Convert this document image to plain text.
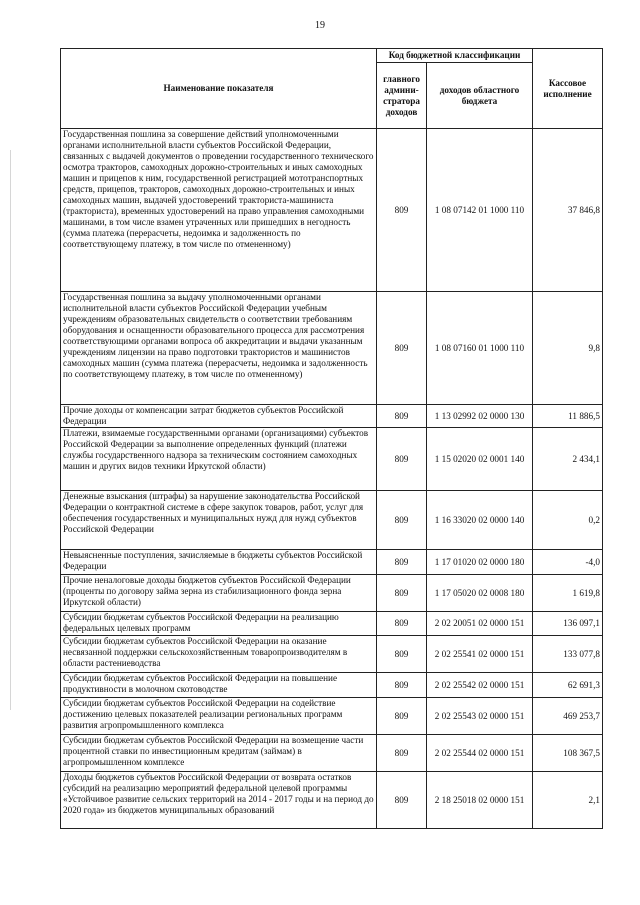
19
Наименование показателя	Код бюджетной классификации		Кассовое исполнение
	главного админи-стратора доходов	доходов областного бюджета	
Государственная пошлина за совершение действий уполномоченными органами исполнительной власти субъектов Российской Федерации, связанных с выдачей документов о проведении государственного технического осмотра тракторов, самоходных дорожно-строительных и иных самоходных машин и прицепов к ним, государственной регистрацией мототранспортных средств, прицепов, тракторов, самоходных дорожно-строительных и иных самоходных машин, выдачей удостоверений тракториста-машиниста (тракториста), временных удостоверений на право управления самоходными машинами, в том числе взамен утраченных или пришедших в негодность (сумма платежа (перерасчеты, недоимка и задолженность по соответствующему платежу, в том числе по отмененному)	809	1 08 07142 01 1000 110	37 846,8
Государственная пошлина за выдачу уполномоченными органами исполнительной власти субъектов Российской Федерации учебным учреждениям образовательных свидетельств о соответствии требованиям оборудования и оснащенности образовательного процесса для рассмотрения соответствующими органами вопроса об аккредитации и выдачи указанным учреждениям лицензии на право подготовки трактористов и машинистов самоходных машин (сумма платежа (перерасчеты, недоимка и задолженность по соответствующему платежу, в том числе по отмененному)	809	1 08 07160 01 1000 110	9,8
Прочие доходы от компенсации затрат бюджетов субъектов Российской Федерации	809	1 13 02992 02 0000 130	11 886,5
Платежи, взимаемые государственными органами (организациями) субъектов Российской Федерации за выполнение определенных функций (платежи службы государственного надзора за техническим состоянием самоходных машин и других видов техники Иркутской области)	809	1 15 02020 02 0001 140	2 434,1
Денежные взыскания (штрафы) за нарушение законодательства Российской Федерации о контрактной системе в сфере закупок товаров, работ, услуг для обеспечения государственных и муниципальных нужд для нужд субъектов Российской Федерации	809	1 16 33020 02 0000 140	0,2
Невыясненные поступления, зачисляемые в бюджеты субъектов Российской Федерации	809	1 17 01020 02 0000 180	-4,0
Прочие неналоговые доходы бюджетов субъектов Российской Федерации (проценты по договору займа зерна из стабилизационного фонда зерна Иркутской области)	809	1 17 05020 02 0008 180	1 619,8
Субсидии бюджетам субъектов Российской Федерации на реализацию федеральных целевых программ	809	2 02 20051 02 0000 151	136 097,1
Субсидии бюджетам субъектов Российской Федерации на оказание несвязанной поддержки сельскохозяйственным товаропроизводителям в области растениеводства	809	2 02 25541 02 0000 151	133 077,8
Субсидии бюджетам субъектов Российской Федерации на повышение продуктивности в молочном скотоводстве	809	2 02 25542 02 0000 151	62 691,3
Субсидии бюджетам субъектов Российской Федерации на содействие достижению целевых показателей реализации региональных программ развития агропромышленного комплекса	809	2 02 25543 02 0000 151	469 253,7
Субсидии бюджетам субъектов Российской Федерации на возмещение части процентной ставки по инвестиционным кредитам (займам) в агропромышленном комплексе	809	2 02 25544 02 0000 151	108 367,5
Доходы бюджетов субъектов Российской Федерации от возврата остатков субсидий на реализацию мероприятий федеральной целевой программы «Устойчивое развитие сельских территорий на 2014 - 2017 годы и на период до 2020 года» из бюджетов муниципальных образований	809	2 18 25018 02 0000 151	2,1
